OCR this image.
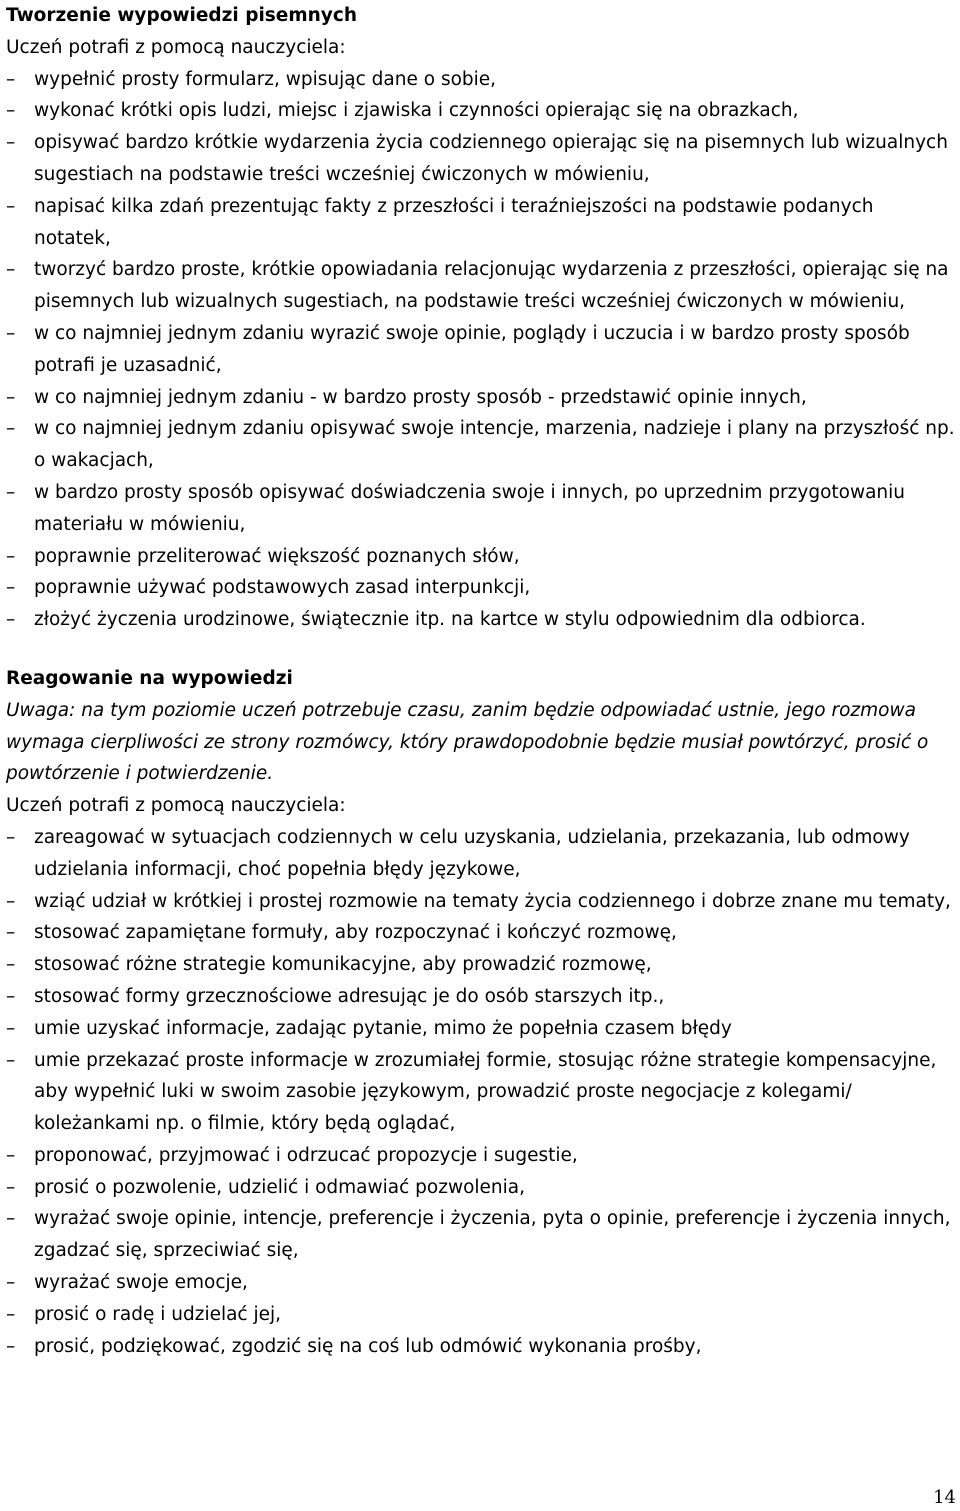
Tworzenie wypowiedzi pisemnych

Uczeń potrafi z pomocą nauczyciela:

–	wypełnić prosty formularz, wpisując dane o sobie,
–	wykonać krótki opis ludzi, miejsc i zjawiska i czynności opierając się na obrazkach,
–	opisywać bardzo krótkie wydarzenia życia codziennego opierając się na pisemnych lub wizualnych sugestiach na podstawie treści wcześniej ćwiczonych w mówieniu,
–	napisać kilka zdań prezentując fakty z przeszłości i teraźniejszości na podstawie podanych notatek,
–	tworzyć bardzo proste, krótkie opowiadania relacjonując wydarzenia z przeszłości, opierając się na pisemnych lub wizualnych sugestiach, na podstawie treści wcześniej ćwiczonych w mówieniu,
–	w co najmniej jednym zdaniu wyrazić swoje opinie, poglądy i uczucia i w bardzo prosty sposób potrafi je uzasadnić,
–	w co najmniej jednym zdaniu - w bardzo prosty sposób - przedstawić opinie innych,
–	w co najmniej jednym zdaniu opisywać swoje intencje, marzenia, nadzieje i plany na przyszłość np. o wakacjach,
–	w bardzo prosty sposób opisywać doświadczenia swoje i innych, po uprzednim przygotowaniu materiału w mówieniu,
–	poprawnie przeliterować większość poznanych słów,
–	poprawnie używać podstawowych zasad interpunkcji,
–	złożyć życzenia urodzinowe, świątecznie itp. na kartce w stylu odpowiednim dla odbiorca.
Reagowanie na wypowiedzi

Uwaga: na tym poziomie uczeń potrzebuje czasu, zanim będzie odpowiadać ustnie, jego rozmowa wymaga cierpliwości ze strony rozmówcy, który prawdopodobnie będzie musiał powtórzyć, prosić o powtórzenie i potwierdzenie.

Uczeń potrafi z pomocą nauczyciela:

–	zareagować w sytuacjach codziennych w celu uzyskania, udzielania, przekazania, lub odmowy udzielania informacji, choć popełnia błędy językowe,
–	wziąć udział w krótkiej i prostej rozmowie na tematy życia codziennego i dobrze znane mu tematy,
–	stosować zapamiętane formuły, aby rozpoczynać i kończyć rozmowę,
–	stosować różne strategie komunikacyjne, aby prowadzić rozmowę,
–	stosować formy grzecznościowe adresując je do osób starszych itp.,
–	umie uzyskać informacje, zadając pytanie, mimo że popełnia czasem błędy
–	umie przekazać proste informacje w zrozumiałej formie, stosując różne strategie kompensacyjne, aby wypełnić luki w swoim zasobie językowym, prowadzić proste negocjacje z kolegami/ koleżankami np. o filmie, który będą oglądać,
–	proponować, przyjmować i odrzucać propozycje i sugestie,
–	prosić o pozwolenie, udzielić i odmawiać pozwolenia,
–	wyrażać swoje opinie, intencje, preferencje i życzenia, pyta o opinie, preferencje i życzenia innych, zgadzać się, sprzeciwiać się,
–	wyrażać swoje emocje,
–	prosić o radę i udzielać jej,
–	prosić, podziękować, zgodzić się na coś lub odmówić wykonania prośby,
14
